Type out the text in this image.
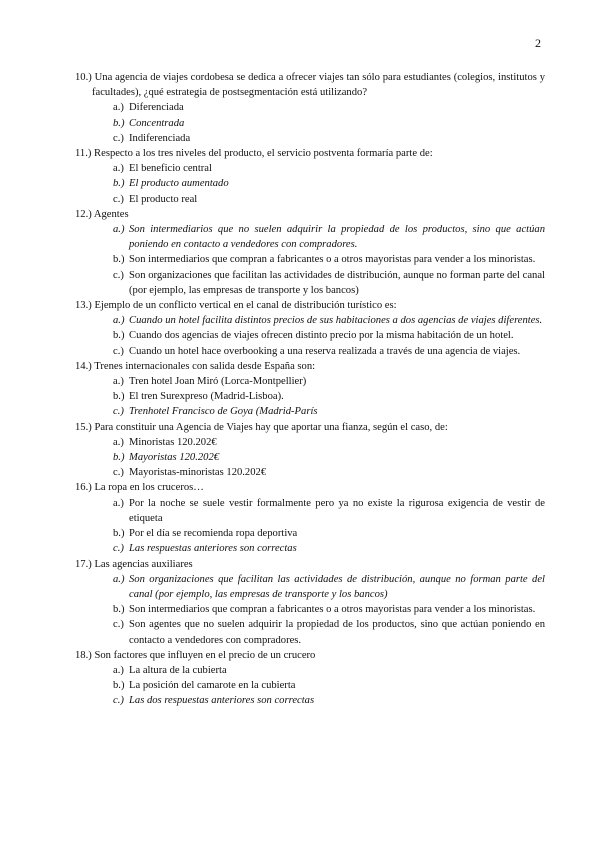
2
10.) Una agencia de viajes cordobesa se dedica a ofrecer viajes tan sólo para estudiantes (colegios, institutos y facultades), ¿qué estrategia de postsegmentación está utilizando?
a.) Diferenciada
b.) Concentrada
c.) Indiferenciada
11.) Respecto a los tres niveles del producto, el servicio postventa formaría parte de:
a.) El beneficio central
b.) El producto aumentado
c.) El producto real
12.) Agentes
a.) Son intermediarios que no suelen adquirir la propiedad de los productos, sino que actúan poniendo en contacto a vendedores con compradores.
b.) Son intermediarios que compran a fabricantes o a otros mayoristas para vender a los minoristas.
c.) Son organizaciones que facilitan las actividades de distribución, aunque no forman parte del canal (por ejemplo, las empresas de transporte y los bancos)
13.) Ejemplo de un conflicto vertical en el canal de distribución turístico es:
a.) Cuando un hotel facilita distintos precios de sus habitaciones a dos agencias de viajes diferentes.
b.) Cuando dos agencias de viajes ofrecen distinto precio por la misma habitación de un hotel.
c.) Cuando un hotel hace overbooking a una reserva realizada a través de una agencia de viajes.
14.) Trenes internacionales con salida desde España son:
a.) Tren hotel Joan Miró (Lorca-Montpellier)
b.) El tren Surexpreso (Madrid-Lisboa).
c.) Trenhotel Francisco de Goya (Madrid-París
15.) Para constituir una Agencia de Viajes hay que aportar una fianza, según el caso, de:
a.) Minoristas 120.202€
b.) Mayoristas 120.202€
c.) Mayoristas-minoristas 120.202€
16.) La ropa en los cruceros…
a.) Por la noche se suele vestir formalmente pero ya no existe la rigurosa exigencia de vestir de etiqueta
b.) Por el día se recomienda ropa deportiva
c.) Las respuestas anteriores son correctas
17.) Las agencias auxiliares
a.) Son organizaciones que facilitan las actividades de distribución, aunque no forman parte del canal (por ejemplo, las empresas de transporte y los bancos)
b.) Son intermediarios que compran a fabricantes o a otros mayoristas para vender a los minoristas.
c.) Son agentes que no suelen adquirir la propiedad de los productos, sino que actúan poniendo en contacto a vendedores con compradores.
18.) Son factores que influyen en el precio de un crucero
a.) La altura de la cubierta
b.) La posición del camarote en la cubierta
c.) Las dos respuestas anteriores son correctas
